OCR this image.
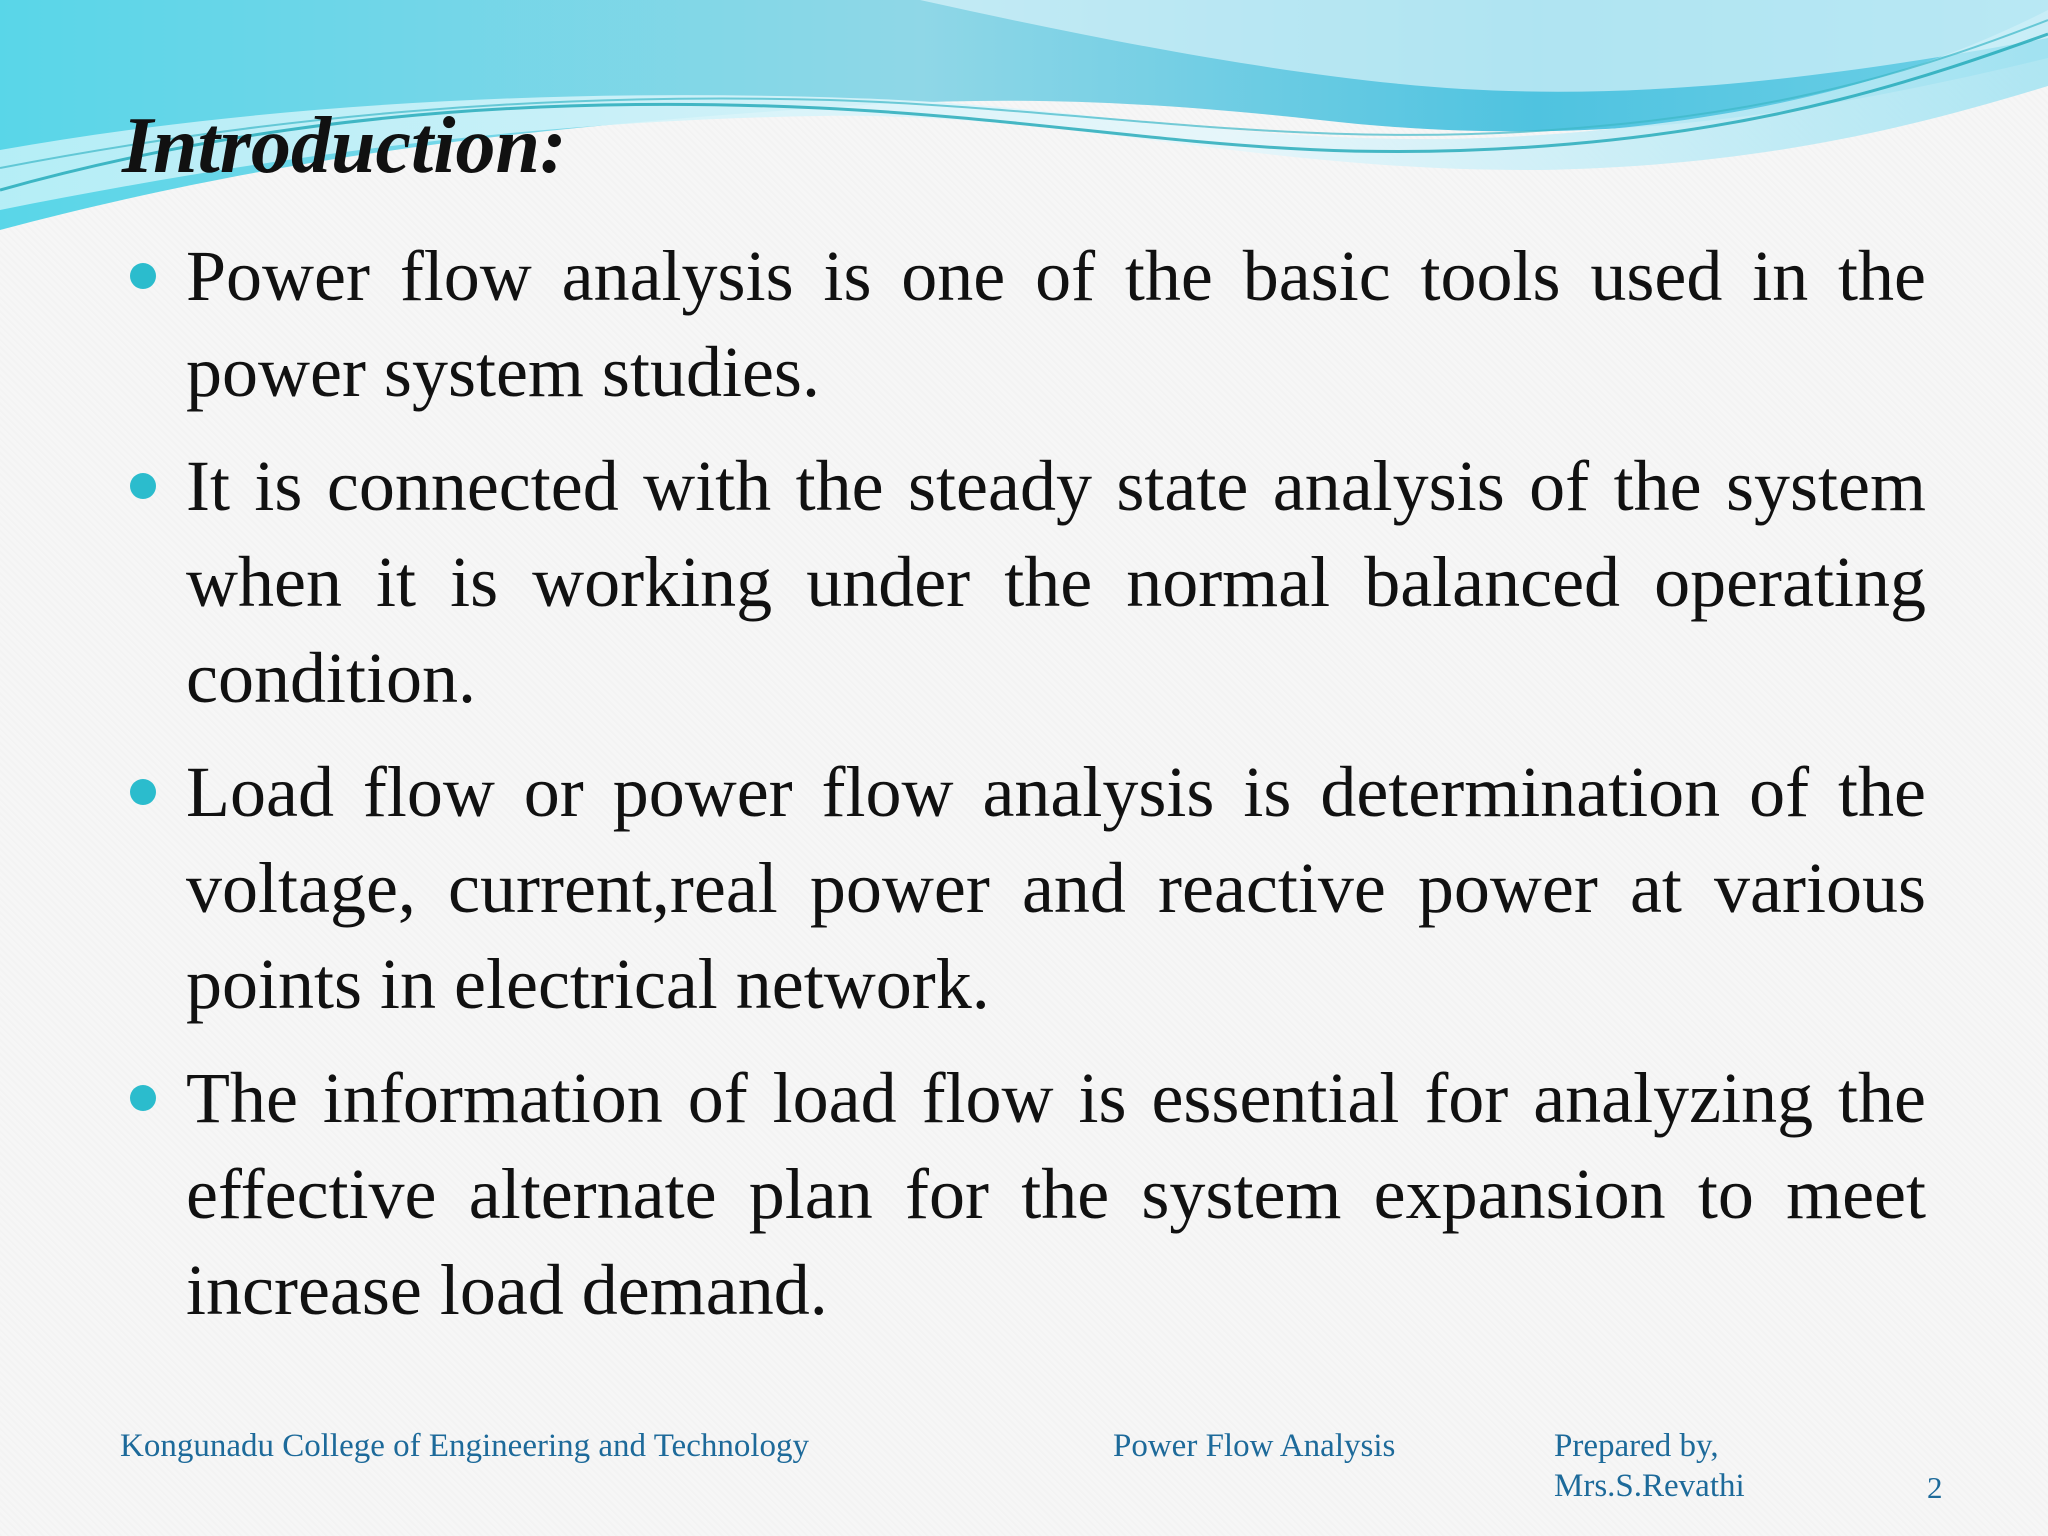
Introduction:
Power flow analysis is one of the basic tools used in the power system studies.
It is connected with the steady state analysis of the system when it is working under the normal balanced operating condition.
Load flow or power flow analysis is determination of the voltage, current,real power and reactive power at various points in electrical network.
The information of load flow is essential for analyzing the effective alternate plan for the system expansion to meet increase load demand.
Kongunadu College of Engineering and Technology	Power Flow Analysis	Prepared by,
Mrs.S.Revathi	2
